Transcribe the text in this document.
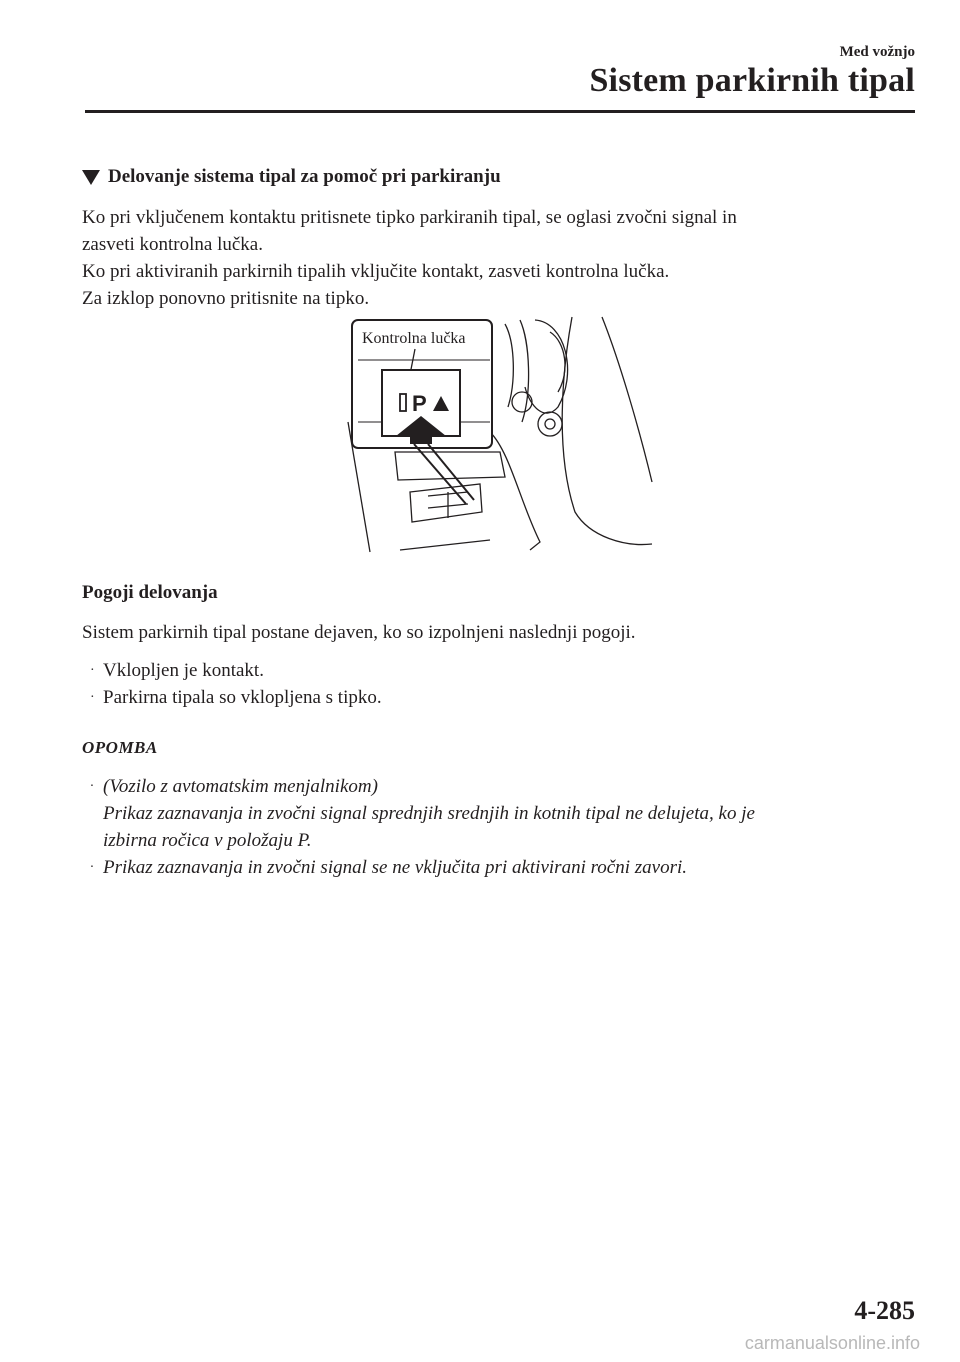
Med vožnjo
Sistem parkirnih tipal
Delovanje sistema tipal za pomoč pri parkiranju
Ko pri vključenem kontaktu pritisnete tipko parkiranih tipal, se oglasi zvočni signal in
zasveti kontrolna lučka.
Ko pri aktiviranih parkirnih tipalih vključite kontakt, zasveti kontrolna lučka.
Za izklop ponovno pritisnite na tipko.
Kontrolna lučka
P
Pogoji delovanja
Sistem parkirnih tipal postane dejaven, ko so izpolnjeni naslednji pogoji.
· Vklopljen je kontakt.
· Parkirna tipala so vklopljena s tipko.
OPOMBA
· (Vozilo z avtomatskim menjalnikom)
Prikaz zaznavanja in zvočni signal sprednjih srednjih in kotnih tipal ne delujeta, ko je
izbirna ročica v položaju P.
· Prikaz zaznavanja in zvočni signal se ne vključita pri aktivirani ročni zavori.
4-285
carmanualsonline.info
